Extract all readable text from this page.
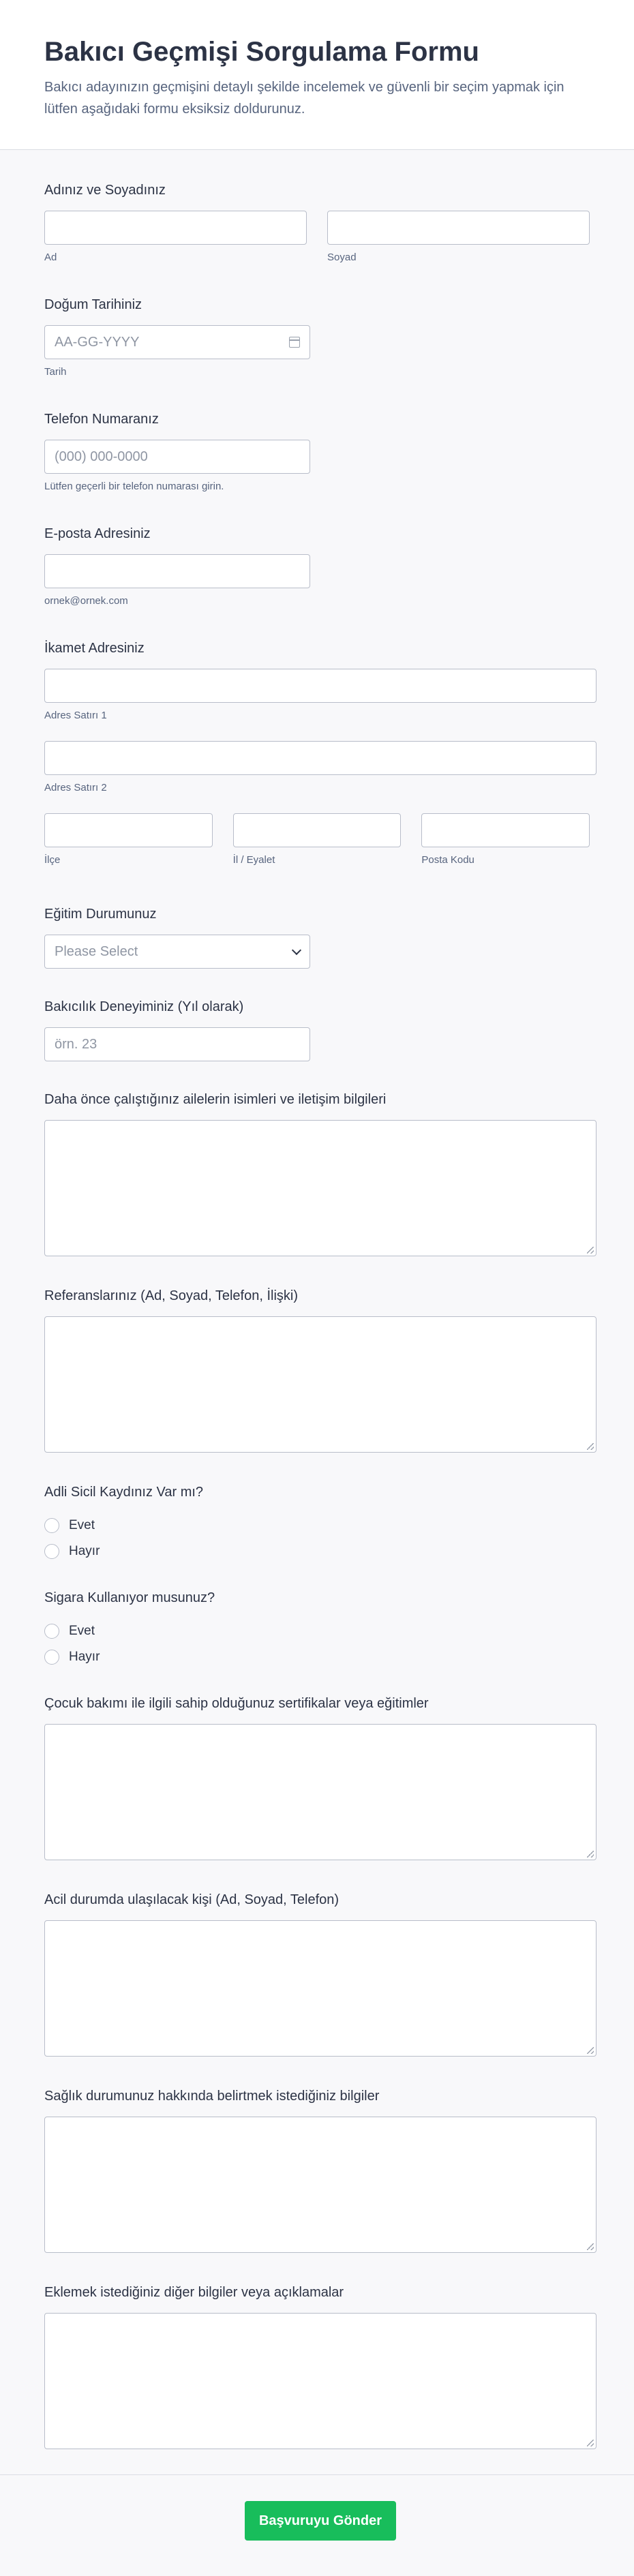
Bakıcı Geçmişi Sorgulama Formu

Bakıcı adayınızın geçmişini detaylı şekilde incelemek ve güvenli bir seçim yapmak için lütfen aşağıdaki formu eksiksiz doldurunuz.

Adınız ve Soyadınız
Ad	Soyad
Doğum Tarihiniz
AA-GG-YYYY
Tarih
Telefon Numaranız
(000) 000-0000
Lütfen geçerli bir telefon numarası girin.
E-posta Adresiniz
ornek@ornek.com
İkamet Adresiniz
Adres Satırı 1
Adres Satırı 2
İlçe	İl / Eyalet	Posta Kodu
Eğitim Durumunuz
Please Select
Bakıcılık Deneyiminiz (Yıl olarak)
örn. 23
Daha önce çalıştığınız ailelerin isimleri ve iletişim bilgileri
Referanslarınız (Ad, Soyad, Telefon, İlişki)
Adli Sicil Kaydınız Var mı?
Evet
Hayır
Sigara Kullanıyor musunuz?
Evet
Hayır
Çocuk bakımı ile ilgili sahip olduğunuz sertifikalar veya eğitimler
Acil durumda ulaşılacak kişi (Ad, Soyad, Telefon)
Sağlık durumunuz hakkında belirtmek istediğiniz bilgiler
Eklemek istediğiniz diğer bilgiler veya açıklamalar
Başvuruyu Gönder
